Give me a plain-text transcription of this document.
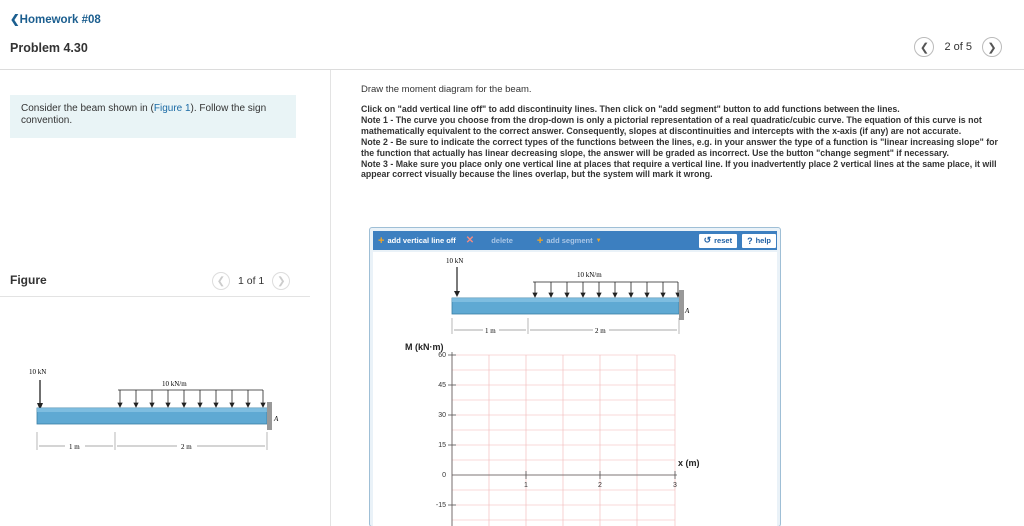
❮Homework #08
Problem 4.30	❮ 2 of 5 ❯
Consider the beam shown in (Figure 1). Follow the sign convention.
Figure	❮ 1 of 1 ❯
10 kN
10 kN/m
A
1 m	2 m
Draw the moment diagram for the beam.
Click on "add vertical line off" to add discontinuity lines. Then click on "add segment" button to add functions between the lines.
Note 1 - The curve you choose from the drop-down is only a pictorial representation of a real quadratic/cubic curve. The equation of this curve is not mathematically equivalent to the correct answer. Consequently, slopes at discontinuities and intercepts with the x-axis (if any) are not accurate.
Note 2 - Be sure to indicate the correct types of the functions between the lines, e.g. in your answer the type of a function is "linear increasing slope" for the function that actually has linear decreasing slope, the answer will be graded as incorrect. Use the button "change segment" if necessary.
Note 3 - Make sure you place only one vertical line at places that require a vertical line. If you inadvertently place 2 vertical lines at the same place, it will appear correct visually because the lines overlap, but the system will mark it wrong.
+ add vertical line off ✕	delete	+ add segment ▼	↺ reset ? help
10 kN
10 kN/m
A
1 m	2 m
60
45
30
15
0
-15
1	2	3
M (kN·m)
x (m)
